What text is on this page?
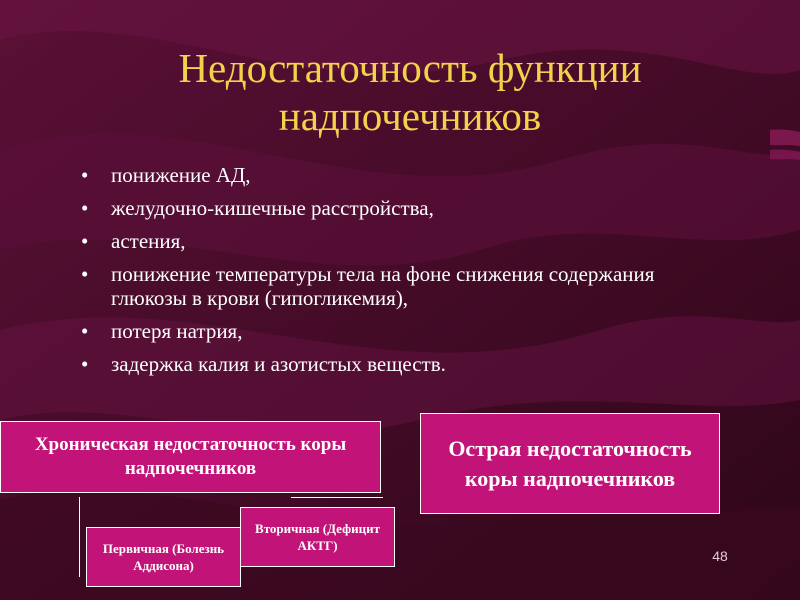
Недостаточность функции надпочечников
• понижение АД,
• желудочно-кишечные расстройства,
• астения,
• понижение температуры тела на фоне снижения содержания глюкозы в крови (гипогликемия),
• потеря натрия,
• задержка калия и азотистых веществ.
Хроническая недостаточность коры надпочечников
Острая недостаточность коры надпочечников
Первичная (Болезнь Аддисона)
Вторичная (Дефицит АКТГ)
48
